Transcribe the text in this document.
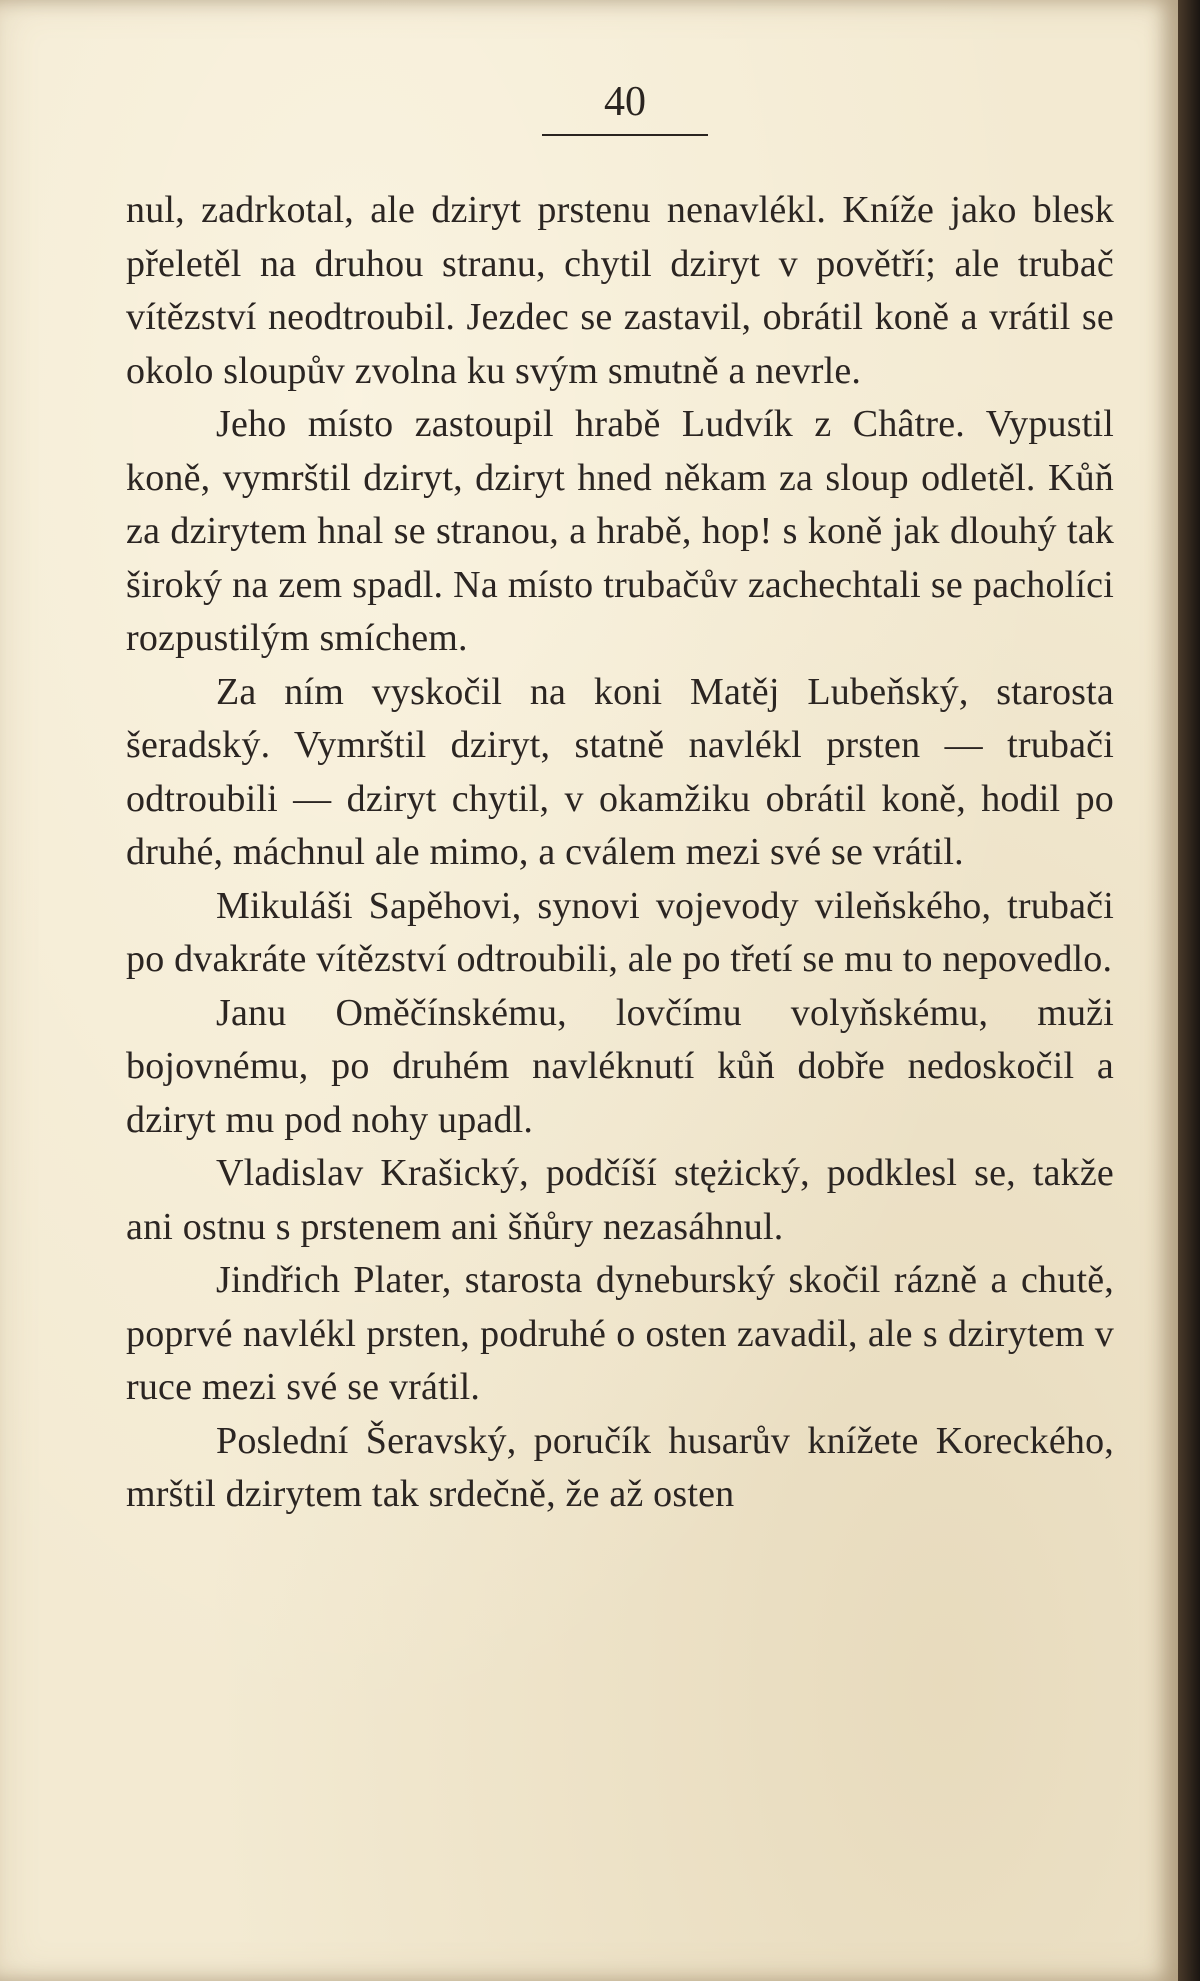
40

nul, zadrkotal, ale dziryt prstenu nenavlékl. Kníže jako blesk přeletěl na druhou stranu, chytil dziryt v povětří; ale trubač vítězství neodtroubil. Jezdec se zastavil, obrátil koně a vrátil se okolo sloupův zvolna ku svým smutně a nevrle.

Jeho místo zastoupil hrabě Ludvík z Châtre. Vypustil koně, vymrštil dziryt, dziryt hned někam za sloup odletěl. Kůň za dzirytem hnal se stranou, a hrabě, hop! s koně jak dlouhý tak široký na zem spadl. Na místo trubačův zachechtali se pacholíci rozpustilým smíchem.

Za ním vyskočil na koni Matěj Lubeňský, starosta šeradský. Vymrštil dziryt, statně navlékl prsten — trubači odtroubili — dziryt chytil, v okamžiku obrátil koně, hodil po druhé, máchnul ale mimo, a cválem mezi své se vrátil.

Mikuláši Sapěhovi, synovi vojevody vileňského, trubači po dvakráte vítězství odtroubili, ale po třetí se mu to nepovedlo.

Janu Oměčínskému, lovčímu volyňskému, muži bojovnému, po druhém navléknutí kůň dobře nedoskočil a dziryt mu pod nohy upadl.

Vladislav Krašický, podčíší stężický, podklesl se, takže ani ostnu s prstenem ani šňůry nezasáhnul.

Jindřich Plater, starosta dyneburský skočil rázně a chutě, poprvé navlékl prsten, podruhé o osten zavadil, ale s dzirytem v ruce mezi své se vrátil.

Poslední Šeravský, poručík husarův knížete Koreckého, mrštil dzirytem tak srdečně, že až osten
